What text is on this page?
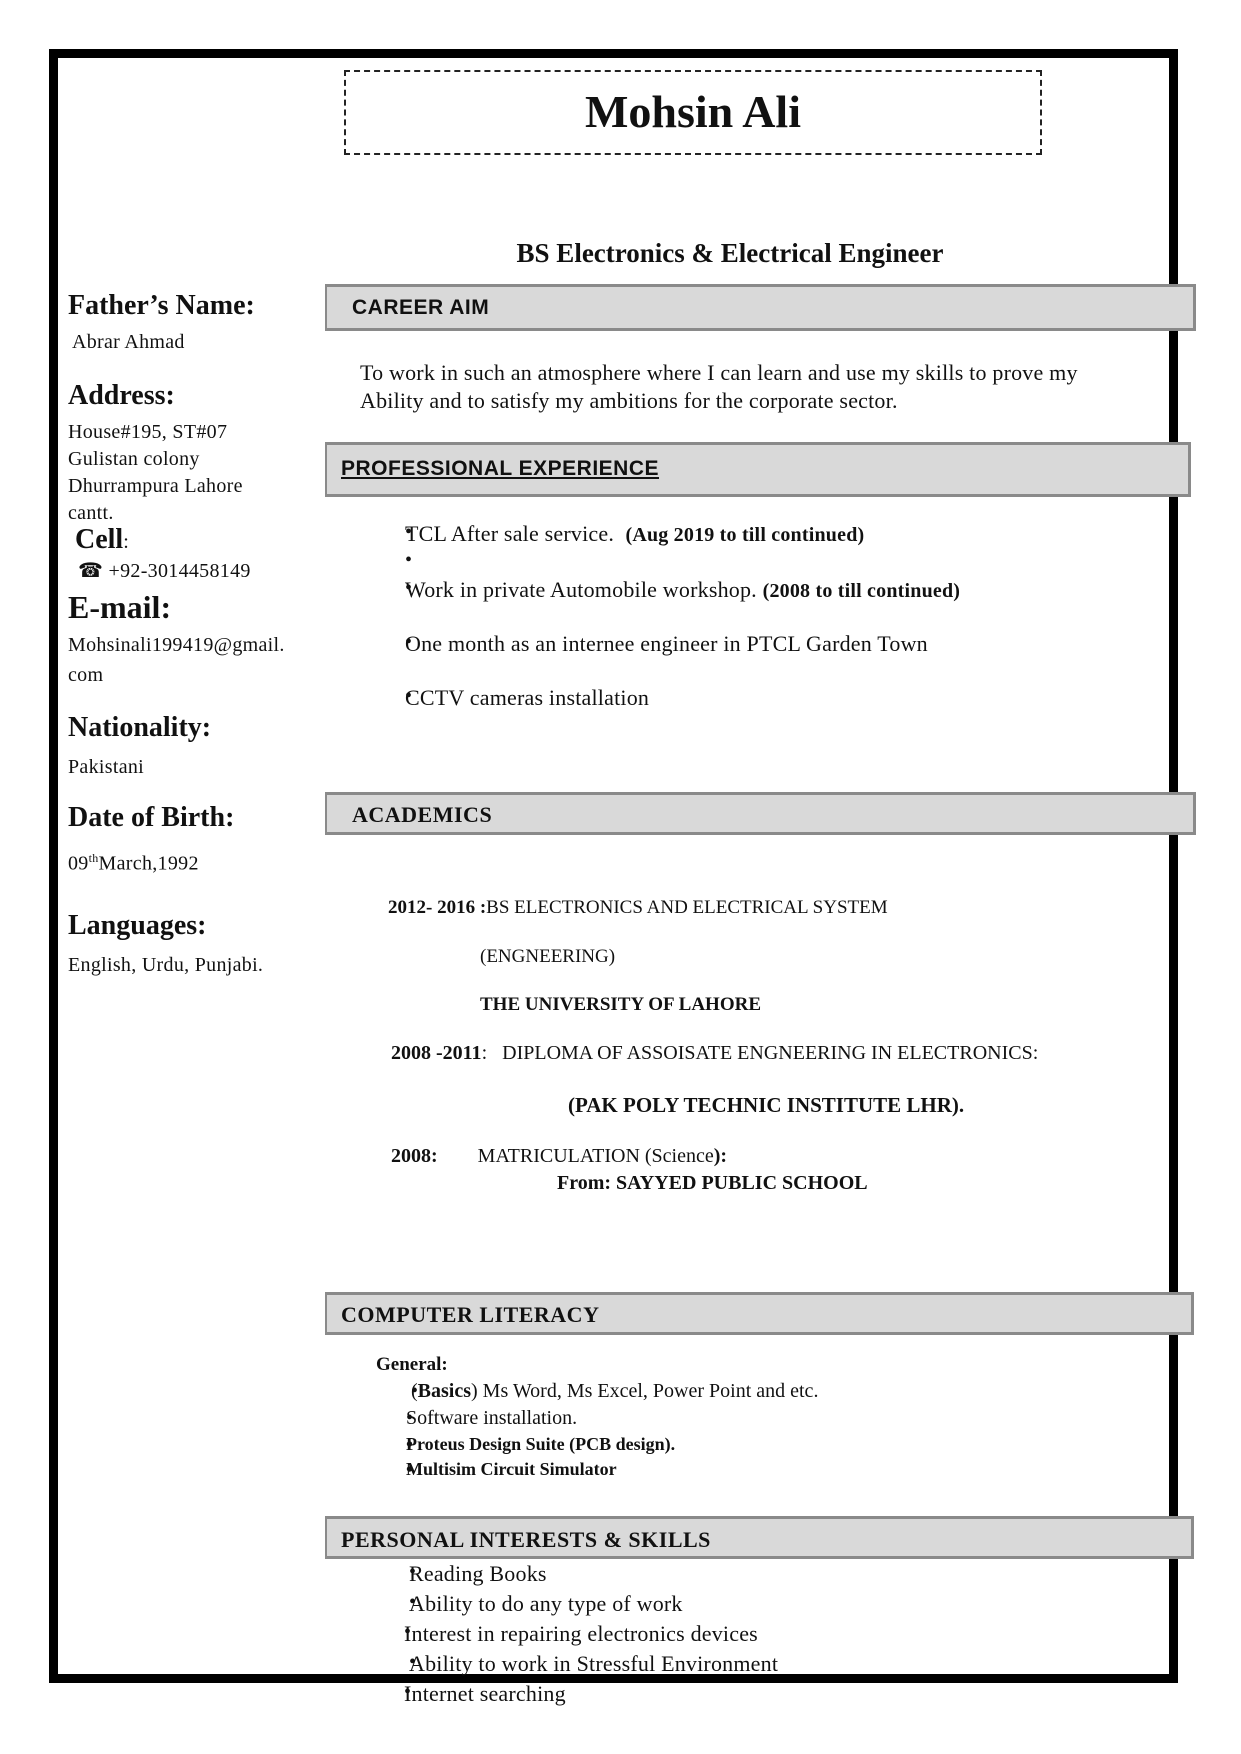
Mohsin Ali
BS Electronics & Electrical Engineer
Father’s Name:
Abrar Ahmad
Address:
House#195, ST#07
Gulistan colony
Dhurrampura Lahore
cantt.
Cell:
☎ +92-3014458149
E-mail:
Mohsinali199419@gmail.
com
Nationality:
Pakistani
Date of Birth:
09thMarch,1992
Languages:
English, Urdu, Punjabi.
CAREER AIM
To work in such an atmosphere where I can learn and use my skills to prove my
Ability and to satisfy my ambitions for the corporate sector.
PROFESSIONAL EXPERIENCE
• TCL After sale service. (Aug 2019 to till continued)
•
• Work in private Automobile workshop. (2008 to till continued)
• One month as an internee engineer in PTCL Garden Town
• CCTV cameras installation
ACADEMICS
2012- 2016 :BS ELECTRONICS AND ELECTRICAL SYSTEM
(ENGNEERING)
THE UNIVERSITY OF LAHORE
2008 -2011: DIPLOMA OF ASSOISATE ENGNEERING IN ELECTRONICS:
(PAK POLY TECHNIC INSTITUTE LHR).
2008: MATRICULATION (Science):
From: SAYYED PUBLIC SCHOOL
COMPUTER LITERACY
General:
• (Basics) Ms Word, Ms Excel, Power Point and etc.
• Software installation.
• Proteus Design Suite (PCB design).
• Multisim Circuit Simulator
PERSONAL INTERESTS & SKILLS
• Reading Books
• Ability to do any type of work
• Interest in repairing electronics devices
• Ability to work in Stressful Environment
• Internet searching
